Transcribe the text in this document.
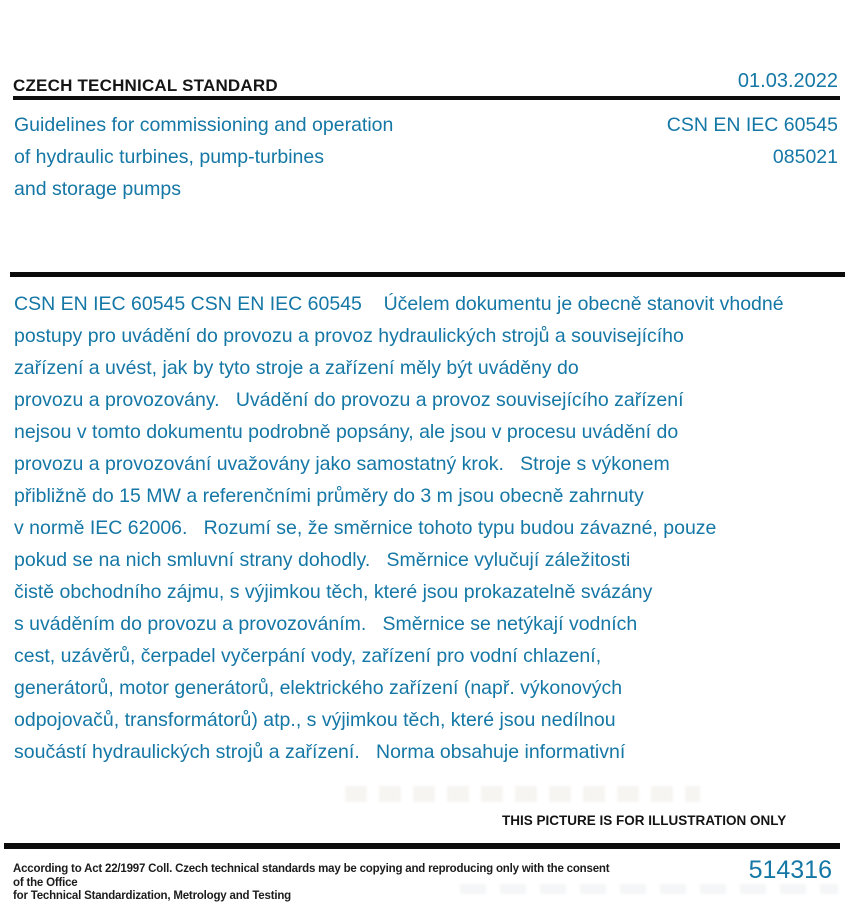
CZECH TECHNICAL STANDARD	01.03.2022
Guidelines for commissioning and operation
of hydraulic turbines, pump-turbines
and storage pumps
CSN EN IEC 60545
085021
CSN EN IEC 60545 CSN EN IEC 60545    Účelem dokumentu je obecně stanovit vhodné
postupy pro uvádění do provozu a provoz hydraulických strojů a souvisejícího
zařízení a uvést, jak by tyto stroje a zařízení měly být uváděny do
provozu a provozovány.   Uvádění do provozu a provoz souvisejícího zařízení
nejsou v tomto dokumentu podrobně popsány, ale jsou v procesu uvádění do
provozu a provozování uvažovány jako samostatný krok.   Stroje s výkonem
přibližně do 15 MW a referenčními průměry do 3 m jsou obecně zahrnuty
v normě IEC 62006.   Rozumí se, že směrnice tohoto typu budou závazné, pouze
pokud se na nich smluvní strany dohodly.   Směrnice vylučují záležitosti
čistě obchodního zájmu, s výjimkou těch, které jsou prokazatelně svázány
s uváděním do provozu a provozováním.   Směrnice se netýkají vodních
cest, uzávěrů, čerpadel vyčerpání vody, zařízení pro vodní chlazení,
generátorů, motor generátorů, elektrického zařízení (např. výkonových
odpojovačů, transformátorů) atp., s výjimkou těch, které jsou nedílnou
součástí hydraulických strojů a zařízení.   Norma obsahuje informativní
THIS PICTURE IS FOR ILLUSTRATION ONLY
According to Act 22/1997 Coll. Czech technical standards may be copying and reproducing only with the consent of the Office
for Technical Standardization, Metrology and Testing
514316
